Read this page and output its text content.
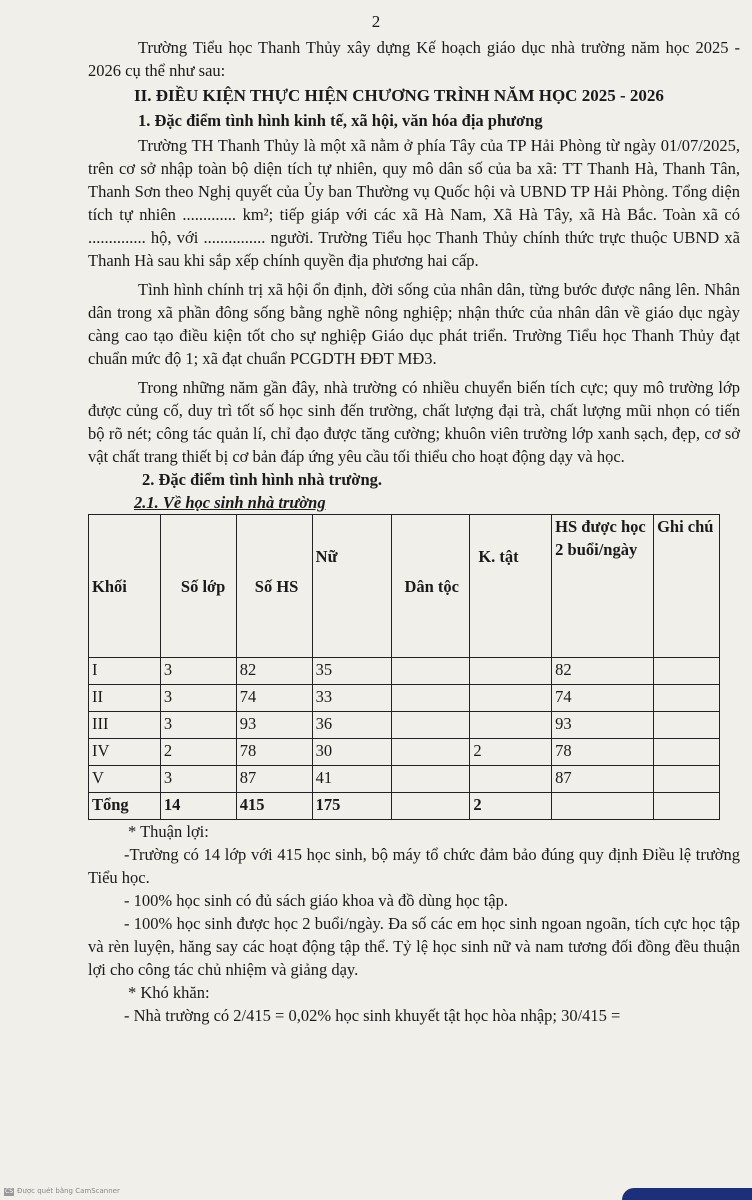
2

Trường Tiểu học Thanh Thủy xây dựng Kế hoạch giáo dục nhà trường năm học 2025 - 2026 cụ thể như sau:

II. ĐIỀU KIỆN THỰC HIỆN CHƯƠNG TRÌNH NĂM HỌC 2025 - 2026
1. Đặc điểm tình hình kinh tế, xã hội, văn hóa địa phương

Trường TH Thanh Thủy là một xã nằm ở phía Tây của TP Hải Phòng từ ngày 01/07/2025, trên cơ sở nhập toàn bộ diện tích tự nhiên, quy mô dân số của ba xã: TT Thanh Hà, Thanh Tân, Thanh Sơn theo Nghị quyết của Ủy ban Thường vụ Quốc hội và UBND TP Hải Phòng. Tổng diện tích tự nhiên ............. km²; tiếp giáp với các xã Hà Nam, Xã Hà Tây, xã Hà Bắc. Toàn xã có .............. hộ, với ............... người. Trường Tiểu học Thanh Thủy chính thức trực thuộc UBND xã Thanh Hà sau khi sắp xếp chính quyền địa phương hai cấp.

Tình hình chính trị xã hội ổn định, đời sống của nhân dân, từng bước được nâng lên. Nhân dân trong xã phần đông sống bằng nghề nông nghiệp; nhận thức của nhân dân về giáo dục ngày càng cao tạo điều kiện tốt cho sự nghiệp Giáo dục phát triển. Trường Tiểu học Thanh Thủy đạt chuẩn mức độ 1; xã đạt chuẩn PCGDTH ĐĐT MĐ3.

Trong những năm gần đây, nhà trường có nhiều chuyển biến tích cực; quy mô trường lớp được củng cố, duy trì tốt số học sinh đến trường, chất lượng đại trà, chất lượng mũi nhọn có tiến bộ rõ nét; công tác quản lí, chỉ đạo được tăng cường; khuôn viên trường lớp xanh sạch, đẹp, cơ sở vật chất trang thiết bị cơ bản đáp ứng yêu cầu tối thiểu cho hoạt động dạy và học.

2. Đặc điểm tình hình nhà trường.
2.1. Về học sinh nhà trường
Khối	Số lớp	Số HS	Nữ	Dân tộc	K. tật	HS được học 2 buổi/ngày	Ghi chú
I	3	82	35			82	
II	3	74	33			74	
III	3	93	36			93	
IV	2	78	30		2	78	
V	3	87	41			87	
Tổng	14	415	175		2		

* Thuận lợi:

-Trường có 14 lớp với 415 học sinh, bộ máy tổ chức đảm bảo đúng quy định Điều lệ trường Tiểu học.

- 100% học sinh có đủ sách giáo khoa và đồ dùng học tập.

- 100% học sinh được học 2 buổi/ngày. Đa số các em học sinh ngoan ngoãn, tích cực học tập và rèn luyện, hăng say các hoạt động tập thể. Tỷ lệ học sinh nữ và nam tương đối đồng đều thuận lợi cho công tác chủ nhiệm và giảng dạy.

* Khó khăn:

- Nhà trường có 2/415 = 0,02% học sinh khuyết tật học hòa nhập; 30/415 =

CS Được quét bằng CamScanner
